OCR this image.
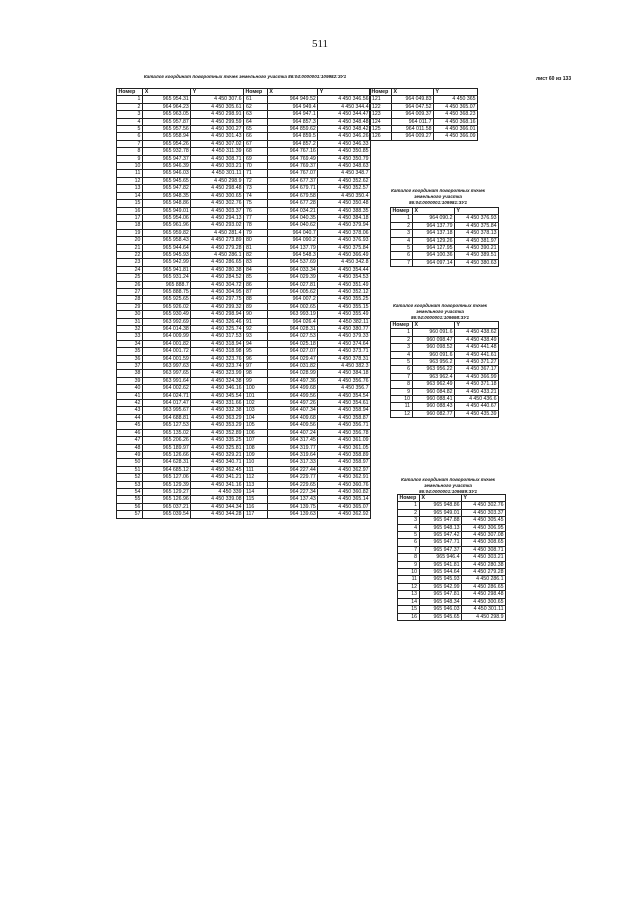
511
Каталог координат поворотных точек земельного участка 86:04:0000001:109982:ЗУ1	лист 60 из 133
Номер	X	Y	Номер	X	Y
1	965 954.31	4 450 307.6	61	964 949.52	4 450 346.56
2	964 964.23	4 450 305.61	62	964 949.4	4 450 344.4
3	965 963.05	4 450 298.91	63	964 947.1	4 450 344.47
4	965 957.87	4 450 299.59	64	964 857.3	4 450 348.48
5	965 957.56	4 450 300.27	65	964 859.62	4 450 348.42
6	965 958.94	4 450 301.43	66	964 859.5	4 450 346.26
7	965 954.26	4 450 307.02	67	964 857.2	4 450 346.33
8	965 932.78	4 450 311.39	68	964 767.16	4 450 350.85
9	965 947.37	4 450 308.71	69	964 769.49	4 450 350.79
10	965 946.39	4 450 303.21	70	964 769.37	4 450 348.63
11	965 946.03	4 450 301.11	71	964 767.07	4 450 348.7
12	965 945.65	4 450 298.9	72	964 677.37	4 450 352.62
13	965 947.82	4 450 298.48	73	964 679.71	4 450 352.57
14	965 948.35	4 450 300.65	74	964 679.58	4 450 350.4
15	965 948.86	4 450 302.76	75	964 677.28	4 450 350.48
16	965 949.01	4 450 303.37	76	964 034.21	4 450 388.35
17	965 954.06	4 450 294.13	77	964 040.35	4 450 384.18
18	965 961.96	4 450 293.02	78	964 040.62	4 450 379.94
19	965 959.82	4 450 281.4	79	964 040.7	4 450 378.06
20	965 958.43	4 450 273.89	80	964 090.2	4 450 376.93
21	965 944.64	4 450 279.28	81	964 137.79	4 450 375.84
22	965 945.93	4 450 286.1	82	964 548.3	4 450 366.49
23	965 942.99	4 450 286.65	83	964 537.69	4 450 342.8
24	965 941.81	4 450 280.38	84	964 033.34	4 450 354.44
25	965 931.24	4 450 284.52	85	964 029.39	4 450 354.53
26	965 888.7	4 450 304.72	86	964 027.81	4 450 351.49
27	965 888.75	4 450 304.95	87	964 005.62	4 450 352.12
28	965 925.65	4 450 297.75	88	964 007.2	4 450 355.25
29	965 926.02	4 450 299.32	89	964 002.65	4 450 355.15
30	965 930.49	4 450 298.94	90	963 993.19	4 450 355.49
31	963 992.69	4 450 326.46	91	964 026.4	4 450 382.11
32	964 014.38	4 450 325.74	92	964 028.31	4 450 380.77
33	964 009.99	4 450 317.53	93	964 027.53	4 450 379.33
34	964 001.82	4 450 318.94	94	964 025.18	4 450 374.64
35	964 001.72	4 450 318.98	95	964 027.07	4 450 373.71
36	964 001.59	4 450 323.76	96	964 029.47	4 450 378.31
37	963 997.63	4 450 323.74	97	964 031.82	4 450 382.3
38	963 997.65	4 450 323.99	98	964 028.99	4 450 384.18
39	963 991.64	4 450 324.38	99	964 497.36	4 450 356.76
40	964 002.62	4 450 346.16	100	964 499.68	4 450 356.7
41	964 024.71	4 450 345.54	101	964 499.56	4 450 354.54
42	964 017.47	4 450 331.66	102	964 497.26	4 450 354.61
43	963 995.67	4 450 332.38	103	964 407.34	4 450 358.94
44	964 688.81	4 450 363.29	104	964 409.68	4 450 358.87
45	965 127.53	4 450 353.29	105	964 409.56	4 450 356.71
46	965 135.02	4 450 352.89	106	964 407.24	4 450 356.78
47	965 206.26	4 450 335.25	107	964 317.45	4 450 361.09
48	965 189.97	4 450 325.81	108	964 319.77	4 450 361.05
49	965 126.66	4 450 329.21	109	964 319.64	4 450 358.89
50	964 628.31	4 450 340.71	110	964 317.33	4 450 358.97
51	964 685.12	4 450 362.45	111	964 227.44	4 450 362.97
52	965 127.06	4 450 341.21	112	964 229.77	4 450 362.91
53	965 129.39	4 450 341.16	113	964 229.65	4 450 360.76
54	965 129.27	4 450 339	114	964 227.34	4 450 360.82
55	965 126.96	4 450 339.08	115	964 137.43	4 450 365.14
56	965 037.21	4 450 344.34	116	964 139.75	4 450 365.07
57	965 039.54	4 450 344.28	117	964 139.63	4 450 362.92
Номер	X	Y
121	964 049.83	4 450 365
122	964 047.52	4 450 365.07
123	964 009.37	4 450 368.23
124	964 011.7	4 450 368.16
125	964 011.58	4 450 366.01
126	964 009.27	4 450 366.09
Каталог координат поворотных точек земельного участка 86:04:0000001:109981:ЗУ1
Номер	X	Y
1	964 090.2	4 450 376.93
2	964 137.79	4 450 375.84
3	964 137.18	4 450 378.13
4	964 129.26	4 450 381.97
5	964 127.95	4 450 390.21
6	964 100.36	4 450 389.51
7	964 097.14	4 450 380.63
Каталог координат поворотных точек земельного участка 86:04:0000001:109698:ЗУ1
Номер	X	Y
1	960 091.6	4 450 438.62
2	960 098.47	4 450 438.49
3	960 098.52	4 450 441.48
4	960 091.6	4 450 441.61
5	963 956.2	4 450 371.27
6	963 956.22	4 450 367.17
7	963 962.4	4 450 366.99
8	963 962.49	4 450 371.18
9	960 084.82	4 450 433.21
10	960 088.41	4 450 436.6
11	960 088.43	4 450 440.67
12	960 082.77	4 450 435.39
Каталог координат поворотных точек земельного участка 86:04:0000001:109689:ЗУ1
Номер	X	Y
1	965 948.86	4 450 302.76
2	965 949.01	4 450 303.37
3	965 947.88	4 450 305.45
4	965 948.13	4 450 306.95
5	965 947.42	4 450 307.08
6	965 947.71	4 450 308.65
7	965 947.37	4 450 308.71
8	965 946.4	4 450 303.21
9	965 941.81	4 450 280.38
10	965 944.64	4 450 279.28
11	965 945.93	4 450 286.1
12	965 942.99	4 450 286.65
13	965 947.81	4 450 298.48
14	965 948.34	4 450 300.65
15	965 946.03	4 450 301.11
16	965 945.65	4 450 298.9
